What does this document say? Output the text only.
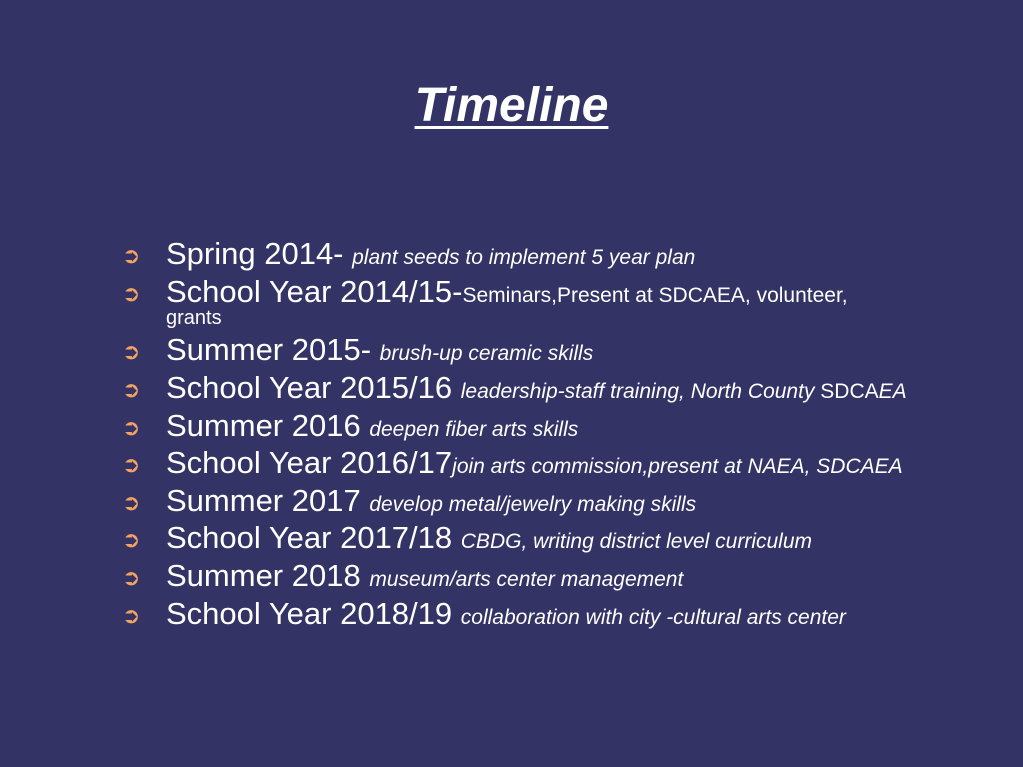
Timeline
➲ Spring 2014- plant seeds to implement 5 year plan
➲ School Year 2014/15-Seminars,Present at SDCAEA, volunteer,
grants
➲ Summer 2015- brush-up ceramic skills
➲ School Year 2015/16 leadership-staff training, North County SDCAEA
➲ Summer 2016 deepen fiber arts skills
➲ School Year 2016/17join arts commission,present at NAEA, SDCAEA
➲ Summer 2017 develop metal/jewelry making skills
➲ School Year 2017/18 CBDG, writing district level curriculum
➲ Summer 2018 museum/arts center management
➲ School Year 2018/19 collaboration with city -cultural arts center
